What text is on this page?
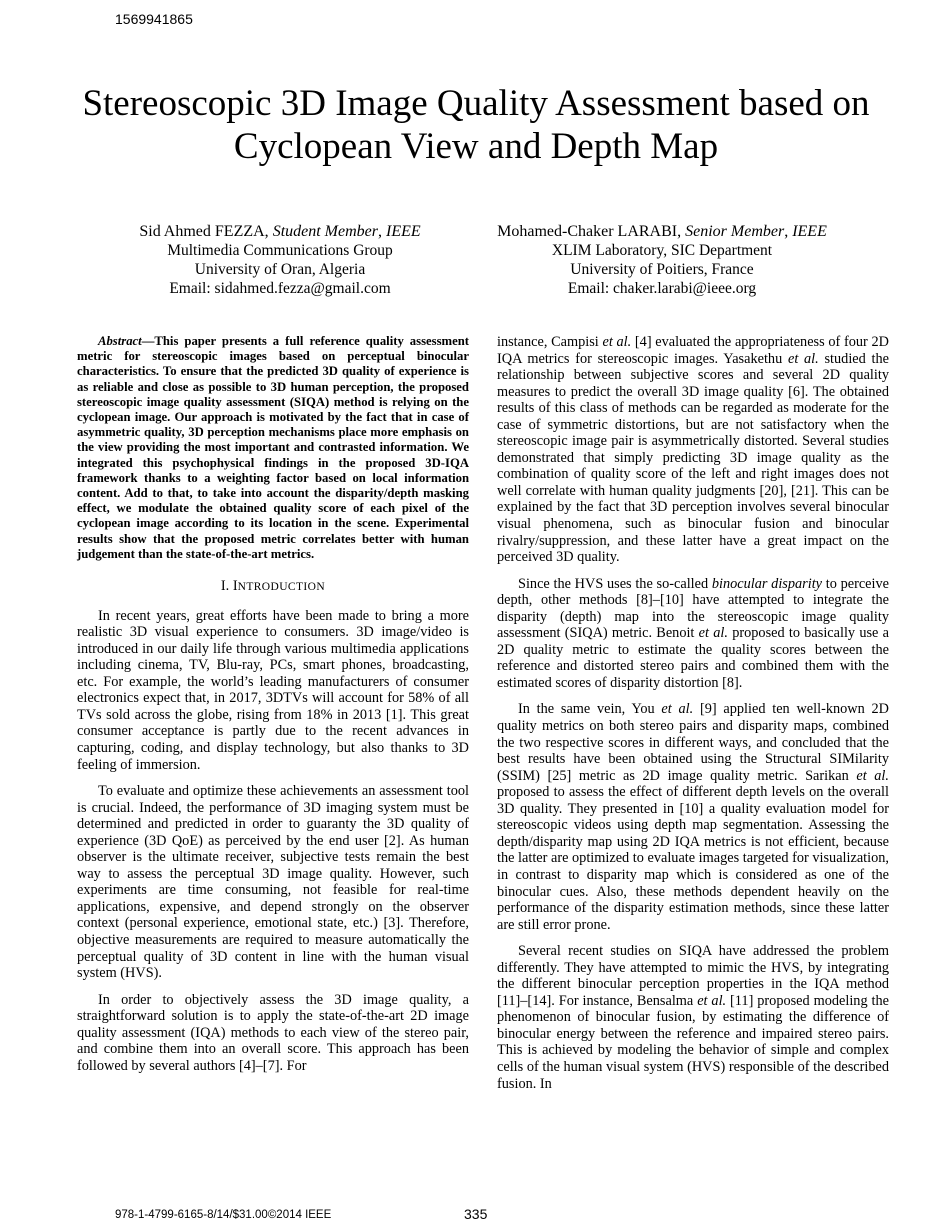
1569941865
Stereoscopic 3D Image Quality Assessment based on Cyclopean View and Depth Map
Sid Ahmed FEZZA, Student Member, IEEE
Multimedia Communications Group
University of Oran, Algeria
Email: sidahmed.fezza@gmail.com
Mohamed-Chaker LARABI, Senior Member, IEEE
XLIM Laboratory, SIC Department
University of Poitiers, France
Email: chaker.larabi@ieee.org

Abstract—This paper presents a full reference quality assessment metric for stereoscopic images based on perceptual binocular characteristics. To ensure that the predicted 3D quality of experience is as reliable and close as possible to 3D human perception, the proposed stereoscopic image quality assessment (SIQA) method is relying on the cyclopean image. Our approach is motivated by the fact that in case of asymmetric quality, 3D perception mechanisms place more emphasis on the view providing the most important and contrasted information. We integrated this psychophysical findings in the proposed 3D-IQA framework thanks to a weighting factor based on local information content. Add to that, to take into account the disparity/depth masking effect, we modulate the obtained quality score of each pixel of the cyclopean image according to its location in the scene. Experimental results show that the proposed metric correlates better with human judgement than the state-of-the-art metrics.

I. INTRODUCTION

In recent years, great efforts have been made to bring a more realistic 3D visual experience to consumers. 3D image/video is introduced in our daily life through various multimedia applications including cinema, TV, Blu-ray, PCs, smart phones, broadcasting, etc. For example, the world’s leading manufacturers of consumer electronics expect that, in 2017, 3DTVs will account for 58% of all TVs sold across the globe, rising from 18% in 2013 [1]. This great consumer acceptance is partly due to the recent advances in capturing, coding, and display technology, but also thanks to 3D feeling of immersion.

To evaluate and optimize these achievements an assessment tool is crucial. Indeed, the performance of 3D imaging system must be determined and predicted in order to guaranty the 3D quality of experience (3D QoE) as perceived by the end user [2]. As human observer is the ultimate receiver, subjective tests remain the best way to assess the perceptual 3D image quality. However, such experiments are time consuming, not feasible for real-time applications, expensive, and depend strongly on the observer context (personal experience, emotional state, etc.) [3]. Therefore, objective measurements are required to measure automatically the perceptual quality of 3D content in line with the human visual system (HVS).

In order to objectively assess the 3D image quality, a straightforward solution is to apply the state-of-the-art 2D image quality assessment (IQA) methods to each view of the stereo pair, and combine them into an overall score. This approach has been followed by several authors [4]–[7]. For

instance, Campisi et al. [4] evaluated the appropriateness of four 2D IQA metrics for stereoscopic images. Yasakethu et al. studied the relationship between subjective scores and several 2D quality measures to predict the overall 3D image quality [6]. The obtained results of this class of methods can be regarded as moderate for the case of symmetric distortions, but are not satisfactory when the stereoscopic image pair is asymmetrically distorted. Several studies demonstrated that simply predicting 3D image quality as the combination of quality score of the left and right images does not well correlate with human quality judgments [20], [21]. This can be explained by the fact that 3D perception involves several binocular visual phenomena, such as binocular fusion and binocular rivalry/suppression, and these latter have a great impact on the perceived 3D quality.

Since the HVS uses the so-called binocular disparity to perceive depth, other methods [8]–[10] have attempted to integrate the disparity (depth) map into the stereoscopic image quality assessment (SIQA) metric. Benoit et al. proposed to basically use a 2D quality metric to estimate the quality scores between the reference and distorted stereo pairs and combined them with the estimated scores of disparity distortion [8].

In the same vein, You et al. [9] applied ten well-known 2D quality metrics on both stereo pairs and disparity maps, combined the two respective scores in different ways, and concluded that the best results have been obtained using the Structural SIMilarity (SSIM) [25] metric as 2D image quality metric. Sarikan et al. proposed to assess the effect of different depth levels on the overall 3D quality. They presented in [10] a quality evaluation model for stereoscopic videos using depth map segmentation. Assessing the depth/disparity map using 2D IQA metrics is not efficient, because the latter are optimized to evaluate images targeted for visualization, in contrast to disparity map which is considered as one of the binocular cues. Also, these methods dependent heavily on the performance of the disparity estimation methods, since these latter are still error prone.

Several recent studies on SIQA have addressed the problem differently. They have attempted to mimic the HVS, by integrating the different binocular perception properties in the IQA method [11]–[14]. For instance, Bensalma et al. [11] proposed modeling the phenomenon of binocular fusion, by estimating the difference of binocular energy between the reference and impaired stereo pairs. This is achieved by modeling the behavior of simple and complex cells of the human visual system (HVS) responsible of the described fusion. In

978-1-4799-6165-8/14/$31.00©2014 IEEE	335
